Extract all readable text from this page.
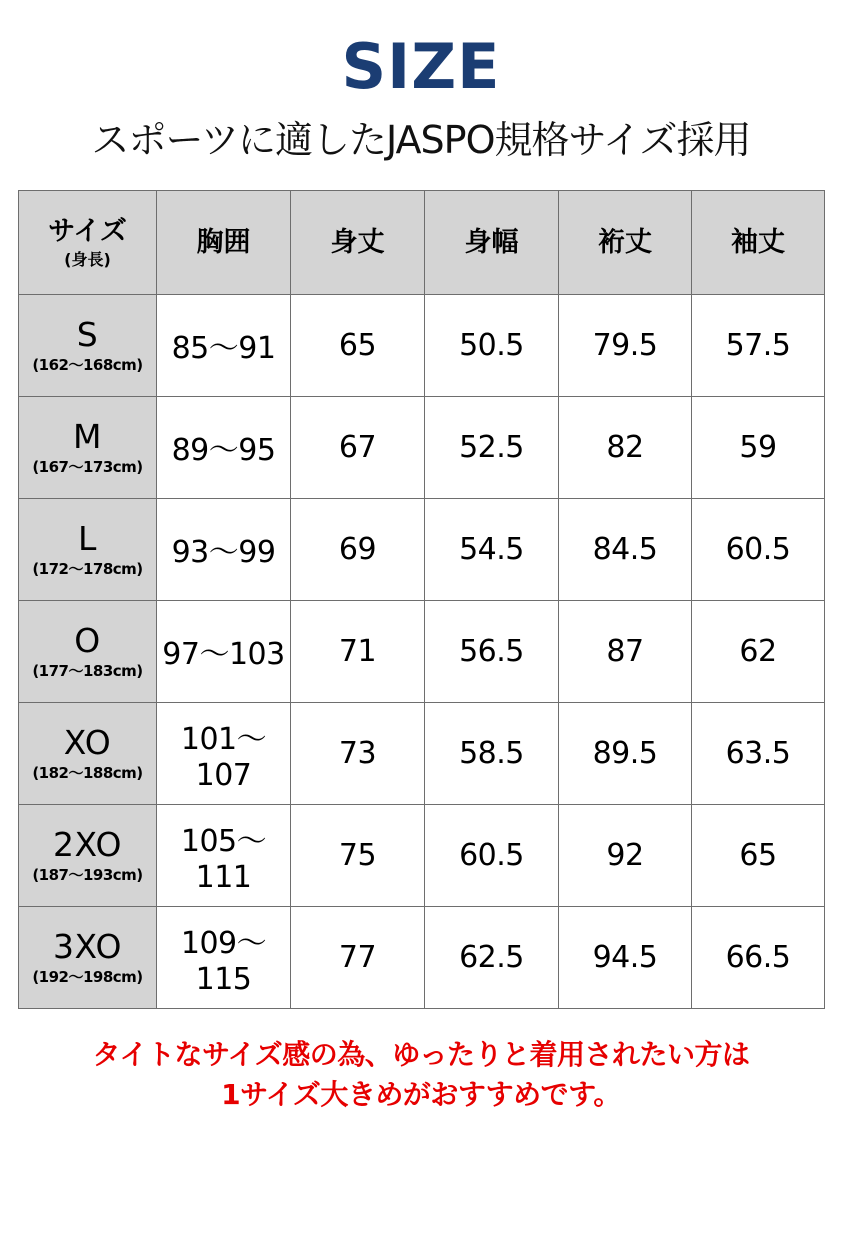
SIZE
スポーツに適したJASPO規格サイズ採用
サイズ
(身長)	胸囲	身丈	身幅	裄丈	袖丈

S
(162〜168cm)	85〜91	65	50.5	79.5	57.5

M
(167〜173cm)	89〜95	67	52.5	82	59

L
(172〜178cm)	93〜99	69	54.5	84.5	60.5

O
(177〜183cm)	97〜103	71	56.5	87	62

XO
(182〜188cm)	101〜107	73	58.5	89.5	63.5

2XO
(187〜193cm)	105〜111	75	60.5	92	65

3XO
(192〜198cm)	109〜115	77	62.5	94.5	66.5
タイトなサイズ感の為、ゆったりと着用されたい方は
1サイズ大きめがおすすめです。
